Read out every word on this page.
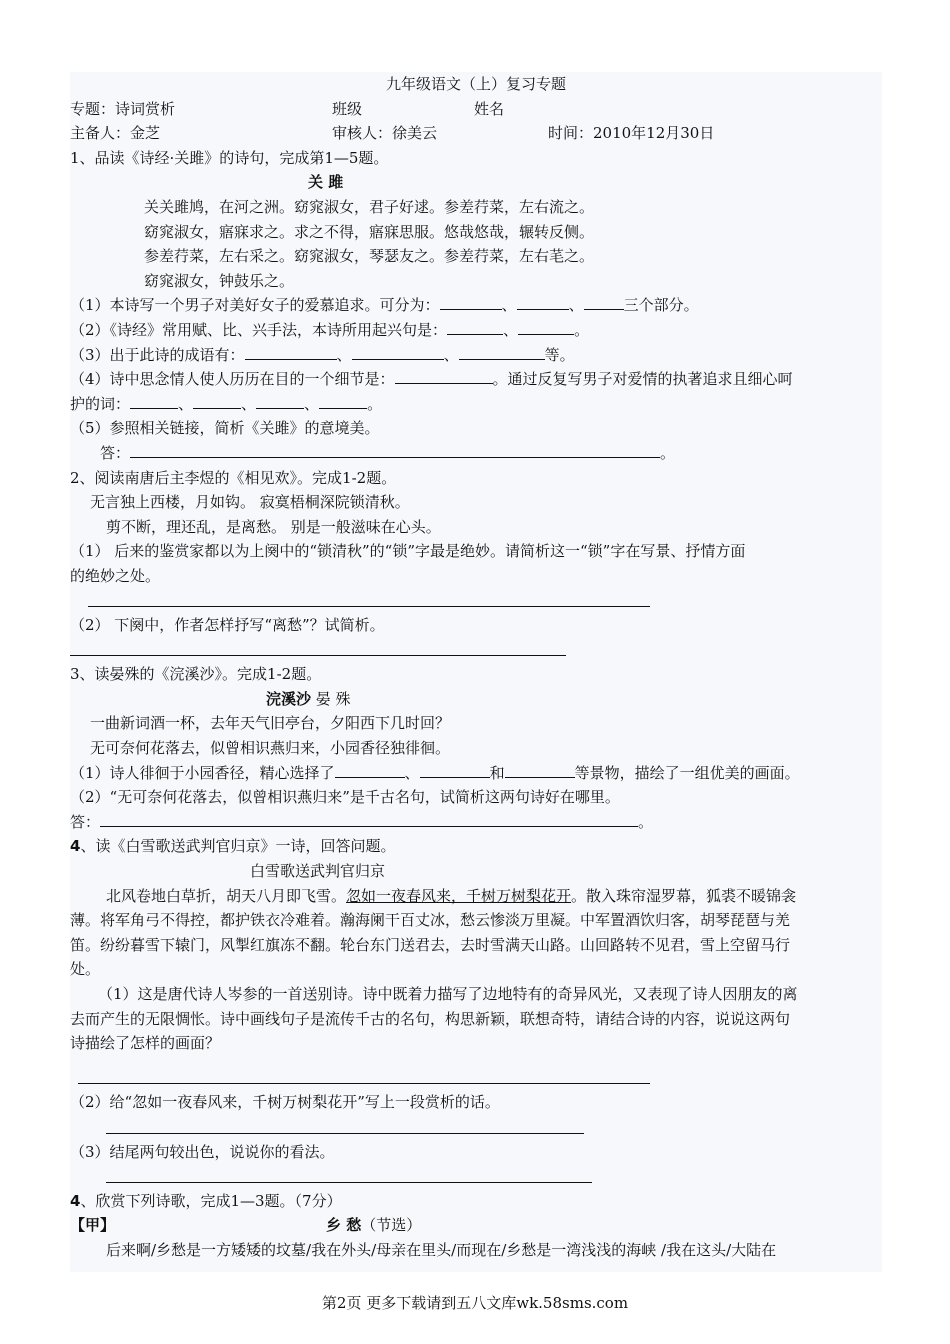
九年级语文（上）复习专题
专题：诗词赏析	班级	姓名
主备人：金芝	审核人：徐美云	时间：2010年12月30日
1、品读《诗经·关雎》的诗句，完成第1—5题。
关 雎
关关雎鸠，在河之洲。窈窕淑女，君子好逑。参差荇菜，左右流之。
窈窕淑女，寤寐求之。求之不得，寤寐思服。悠哉悠哉，辗转反侧。
参差荇菜，左右采之。窈窕淑女，琴瑟友之。参差荇菜，左右芼之。
窈窕淑女，钟鼓乐之。
（1）本诗写一个男子对美好女子的爱慕追求。可分为：	、	、	三个部分。
（2）《诗经》常用赋、比、兴手法，本诗所用起兴句是：	、	。
（3）出于此诗的成语有：	、	、	等。
（4）诗中思念情人使人历历在目的一个细节是：	。通过反复写男子对爱情的执著追求且细心呵
护的词：	、	、	、	。
（5）参照相关链接，简析《关雎》的意境美。
答：	。
2、阅读南唐后主李煜的《相见欢》。完成1-2题。
无言独上西楼，月如钩。 寂寞梧桐深院锁清秋。
剪不断，理还乱，是离愁。 别是一般滋味在心头。
（1） 后来的鉴赏家都以为上阕中的“锁清秋”的“锁”字最是绝妙。请简析这一“锁”字在写景、抒情方面
的绝妙之处。
（2） 下阕中，作者怎样抒写“离愁”？试简析。
3、读晏殊的《浣溪沙》。完成1-2题。
浣溪沙 晏 殊
一曲新词酒一杯，去年天气旧亭台，夕阳西下几时回？
无可奈何花落去，似曾相识燕归来，小园香径独徘徊。
（1）诗人徘徊于小园香径，精心选择了	、	和	等景物，描绘了一组优美的画面。
（2）“无可奈何花落去，似曾相识燕归来”是千古名句，试简析这两句诗好在哪里。
答：	。
4、读《白雪歌送武判官归京》一诗，回答问题。
白雪歌送武判官归京
北风卷地白草折，胡天八月即飞雪。忽如一夜春风来，千树万树梨花开。散入珠帘湿罗幕，狐裘不暖锦衾
薄。将军角弓不得控，都护铁衣冷难着。瀚海阑干百丈冰，愁云惨淡万里凝。中军置酒饮归客，胡琴琵琶与羌
笛。纷纷暮雪下辕门，风掣红旗冻不翻。轮台东门送君去，去时雪满天山路。山回路转不见君，雪上空留马行
处。
（1）这是唐代诗人岑参的一首送别诗。诗中既着力描写了边地特有的奇异风光，又表现了诗人因朋友的离
去而产生的无限惆怅。诗中画线句子是流传千古的名句，构思新颖，联想奇特，请结合诗的内容，说说这两句
诗描绘了怎样的画面？
（2）给“忽如一夜春风来，千树万树梨花开”写上一段赏析的话。
（3）结尾两句较出色，说说你的看法。
4、欣赏下列诗歌，完成1—3题。（7分）
【甲】	乡 愁（节选）
后来啊/乡愁是一方矮矮的坟墓/我在外头/母亲在里头/而现在/乡愁是一湾浅浅的海峡 /我在这头/大陆在
第2页 更多下载请到五八文库wk.58sms.com
